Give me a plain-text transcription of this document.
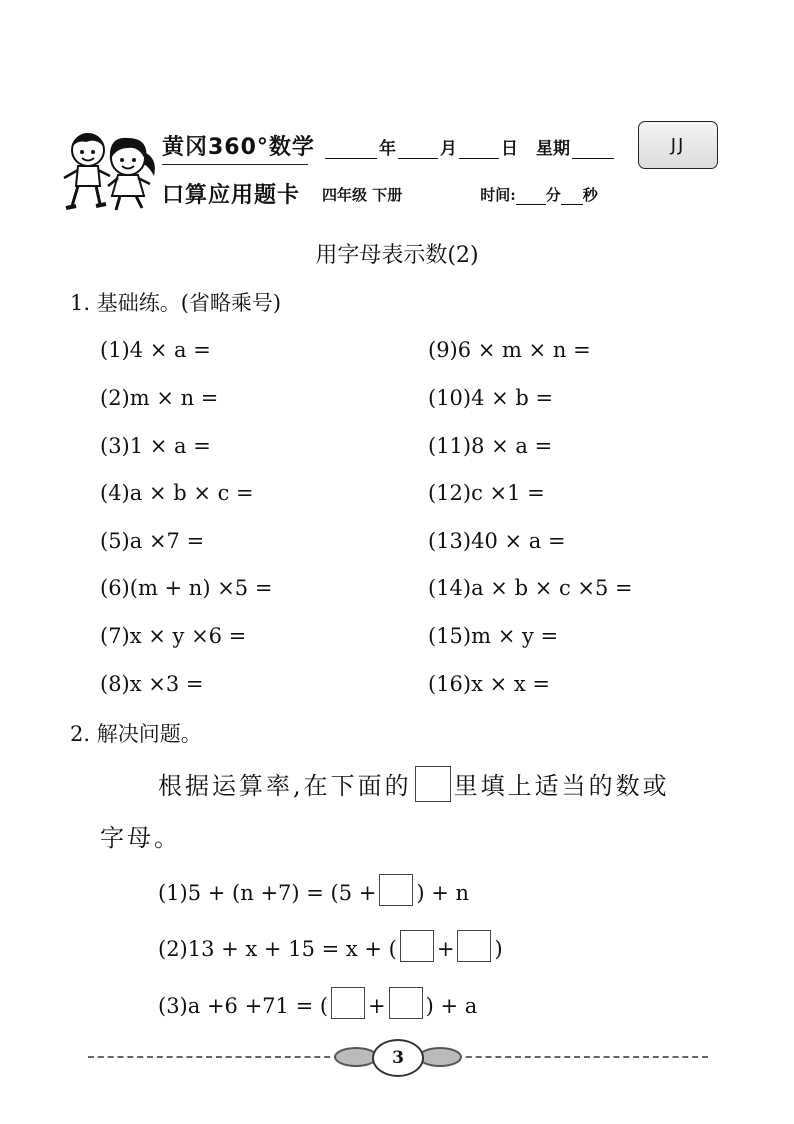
黄冈360°数学
口算应用题卡
年	月	日 星期
四年级 下册	时间: 分 秒
JJ
用字母表示数(2)
1. 基础练。(省略乘号)
(1)4 × a =
(2)m × n =
(3)1 × a =
(4)a × b × c =
(5)a ×7 =
(6)(m + n) ×5 =
(7)x × y ×6 =
(8)x ×3 =
(9)6 × m × n =
(10)4 × b =
(11)8 × a =
(12)c ×1 =
(13)40 × a =
(14)a × b × c ×5 =
(15)m × y =
(16)x × x =
2. 解决问题。
根据运算率,在下面的 里填上适当的数或
字母。
(1)5 + (n +7) = (5 + ) + n
(2)13 + x + 15 = x + ( + )
(3)a +6 +71 = ( + ) + a
3
